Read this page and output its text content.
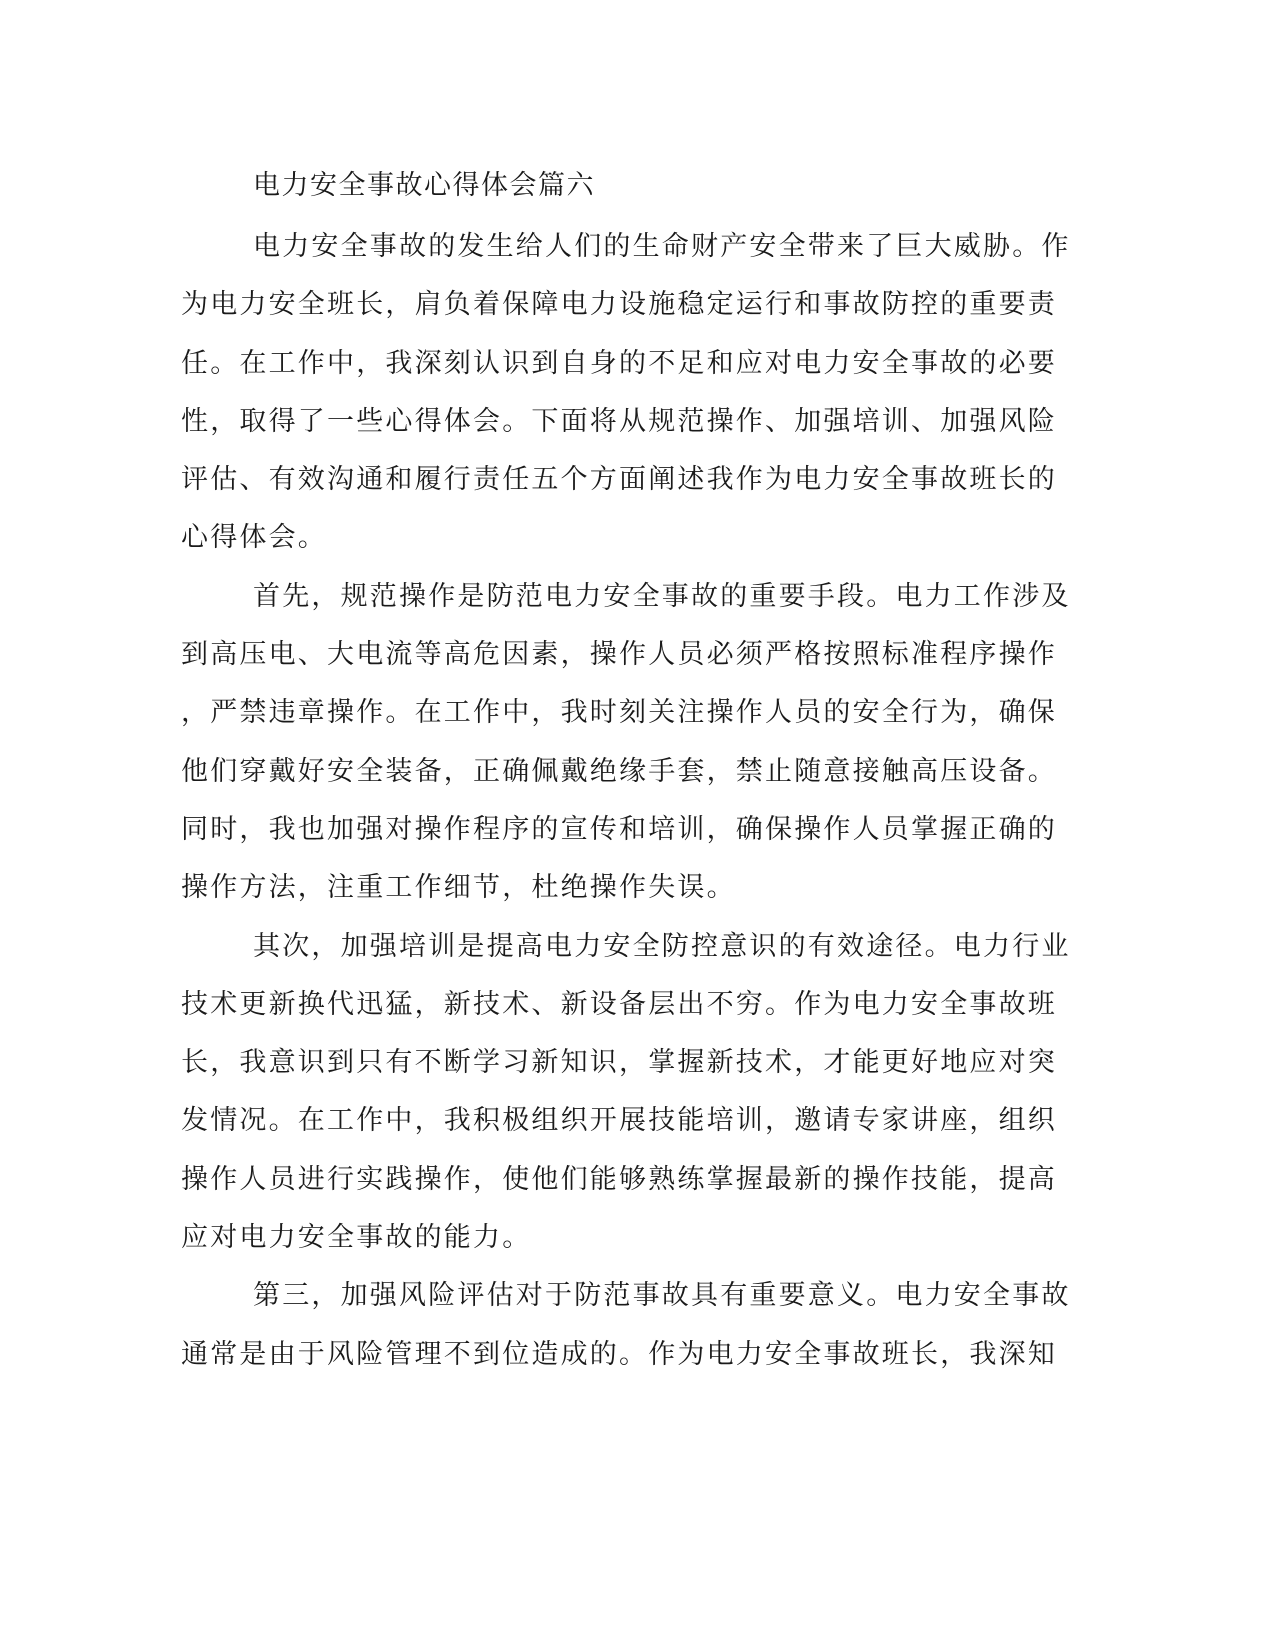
电力安全事故心得体会篇六

电力安全事故的发生给人们的生命财产安全带来了巨大威胁。作
为电力安全班长，肩负着保障电力设施稳定运行和事故防控的重要责
任。在工作中，我深刻认识到自身的不足和应对电力安全事故的必要
性，取得了一些心得体会。下面将从规范操作、加强培训、加强风险
评估、有效沟通和履行责任五个方面阐述我作为电力安全事故班长的
心得体会。

首先，规范操作是防范电力安全事故的重要手段。电力工作涉及
到高压电、大电流等高危因素，操作人员必须严格按照标准程序操作
，严禁违章操作。在工作中，我时刻关注操作人员的安全行为，确保
他们穿戴好安全装备，正确佩戴绝缘手套，禁止随意接触高压设备。
同时，我也加强对操作程序的宣传和培训，确保操作人员掌握正确的
操作方法，注重工作细节，杜绝操作失误。

其次，加强培训是提高电力安全防控意识的有效途径。电力行业
技术更新换代迅猛，新技术、新设备层出不穷。作为电力安全事故班
长，我意识到只有不断学习新知识，掌握新技术，才能更好地应对突
发情况。在工作中，我积极组织开展技能培训，邀请专家讲座，组织
操作人员进行实践操作，使他们能够熟练掌握最新的操作技能，提高
应对电力安全事故的能力。

第三，加强风险评估对于防范事故具有重要意义。电力安全事故
通常是由于风险管理不到位造成的。作为电力安全事故班长，我深知
